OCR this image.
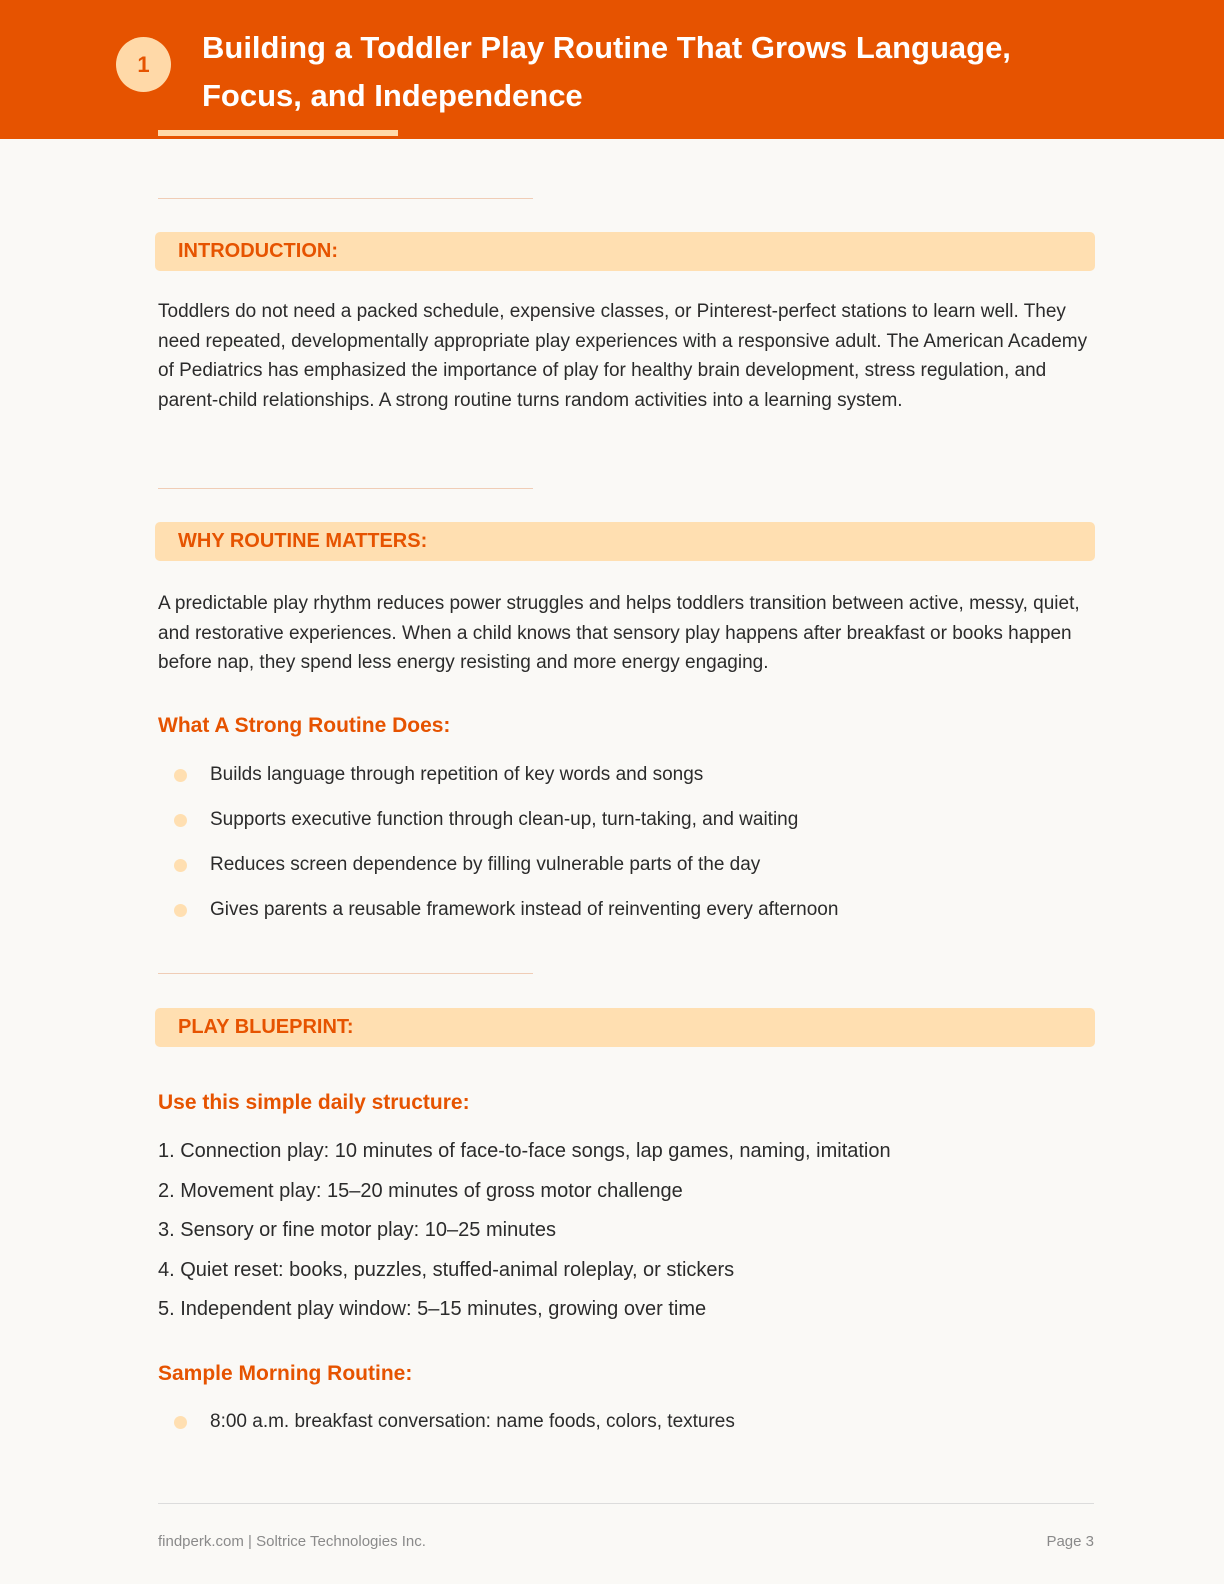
1	Building a Toddler Play Routine That Grows Language,
Focus, and Independence
INTRODUCTION:

Toddlers do not need a packed schedule, expensive classes, or Pinterest-perfect stations to learn well. They need repeated, developmentally appropriate play experiences with a responsive adult. The American Academy of Pediatrics has emphasized the importance of play for healthy brain development, stress regulation, and parent-child relationships. A strong routine turns random activities into a learning system.

WHY ROUTINE MATTERS:

A predictable play rhythm reduces power struggles and helps toddlers transition between active, messy, quiet, and restorative experiences. When a child knows that sensory play happens after breakfast or books happen before nap, they spend less energy resisting and more energy engaging.

What A Strong Routine Does:
Builds language through repetition of key words and songs
Supports executive function through clean-up, turn-taking, and waiting
Reduces screen dependence by filling vulnerable parts of the day
Gives parents a reusable framework instead of reinventing every afternoon
PLAY BLUEPRINT:
Use this simple daily structure:
1. Connection play: 10 minutes of face-to-face songs, lap games, naming, imitation
2. Movement play: 15–20 minutes of gross motor challenge
3. Sensory or fine motor play: 10–25 minutes
4. Quiet reset: books, puzzles, stuffed-animal roleplay, or stickers
5. Independent play window: 5–15 minutes, growing over time
Sample Morning Routine:
8:00 a.m. breakfast conversation: name foods, colors, textures
findperk.com | Soltrice Technologies Inc.	Page 3
